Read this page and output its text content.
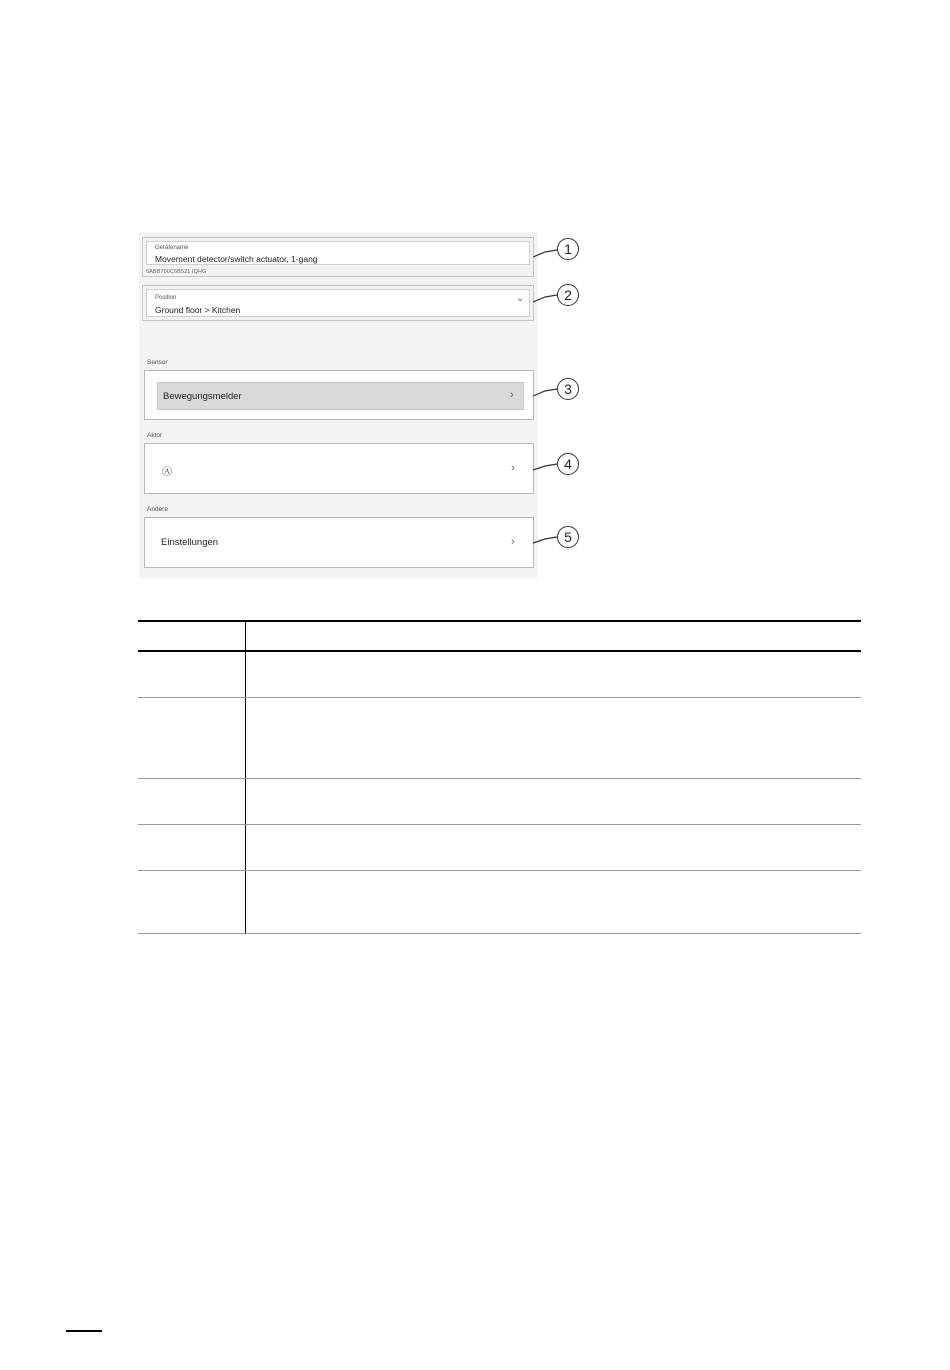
Gerätename
Movement detector/switch actuator, 1-gang
6ABB700C6B521 IQHG
Position
Ground floor > Kitchen
⌄
Sensor
Bewegungsmelder	›
Aktor
Ⓐ	›
Andere
Einstellungen	›
1
2
3
4
5
